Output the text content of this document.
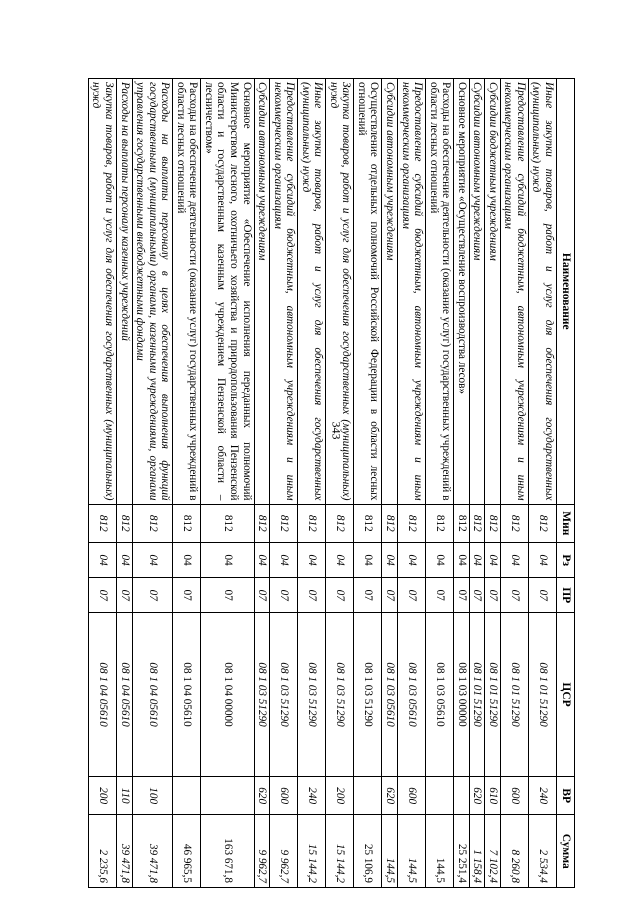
343
Наименование	Мин	Рз	ПР	ЦСР	ВР	Сумма
Иные закупки товаров, работ и услуг для обеспечения государственных (муниципальных) нужд	812	04	07	08 1 01 51290	240	2 534,4
Предоставление субсидий бюджетным, автономным учреждениям и иным некоммерческим организациям	812	04	07	08 1 01 51290	600	8 260,8
Субсидии бюджетным учреждениям	812	04	07	08 1 01 51290	610	7 102,4
Субсидии автономным учреждениям	812	04	07	08 1 01 51290	620	1 158,4
Основное мероприятие «Осуществление воспроизводства лесов»	812	04	07	08 1 03 00000		25 251,4
Расходы на обеспечение деятельности (оказание услуг) государственных учреждений в области лесных отношений	812	04	07	08 1 03 05610		144,5
Предоставление субсидий бюджетным, автономным учреждениям и иным некоммерческим организациям	812	04	07	08 1 03 05610	600	144,5
Субсидии автономным учреждениям	812	04	07	08 1 03 05610	620	144,5
Осуществление отдельных полномочий Российской Федерации в области лесных отношений	812	04	07	08 1 03 51290		25 106,9
Закупка товаров, работ и услуг для обеспечения государственных (муниципальных) нужд	812	04	07	08 1 03 51290	200	15 144,2
Иные закупки товаров, работ и услуг для обеспечения государственных (муниципальных) нужд	812	04	07	08 1 03 51290	240	15 144,2
Предоставление субсидий бюджетным, автономным учреждениям и иным некоммерческим организациям	812	04	07	08 1 03 51290	600	9 962,7
Субсидии автономным учреждениям	812	04	07	08 1 03 51290	620	9 962,7
Основное мероприятие «Обеспечение исполнения переданных полномочий Министерством лесного, охотничьего хозяйства и природопользования Пензенской области и государственным казенным учреждением Пензенской области – лесничеством»	812	04	07	08 1 04 00000		163 671,8
Расходы на обеспечение деятельности (оказание услуг) государственных учреждений в области лесных отношений	812	04	07	08 1 04 05610		46 965,5
Расходы на выплаты персоналу в целях обеспечения выполнения функций государственными (муниципальными) органами, казенными учреждениями, органами управления государственными внебюджетными фондами	812	04	07	08 1 04 05610	100	39 471,8
Расходы на выплаты персоналу казенных учреждений	812	04	07	08 1 04 05610	110	39 471,8
Закупка товаров, работ и услуг для обеспечения государственных (муниципальных) нужд	812	04	07	08 1 04 05610	200	2 235,6
